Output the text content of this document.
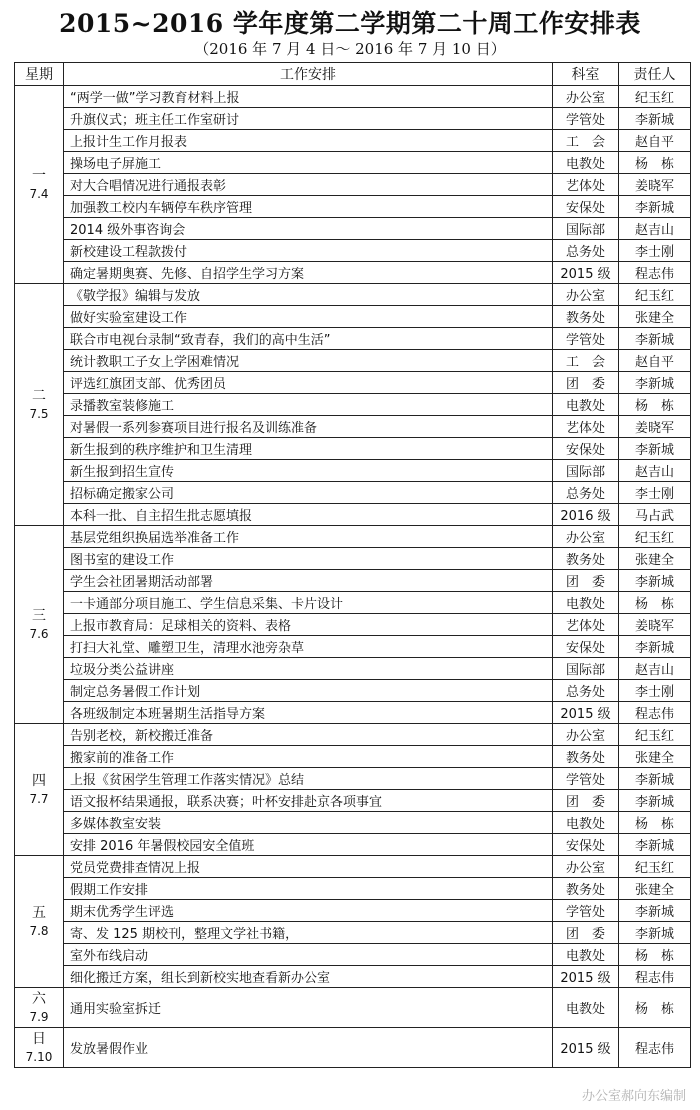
2015~2016 学年度第二学期第二十周工作安排表
（2016 年 7 月 4 日～ 2016 年 7 月 10 日）
星期	工作安排	科室	责任人

一
7.4	“两学一做”学习教育材料上报	办公室	纪玉红
	升旗仪式；班主任工作室研讨	学管处	李新城
	上报计生工作月报表	工　会	赵自平
	操场电子屏施工	电教处	杨　栋
	对大合唱情况进行通报表彰	艺体处	姜晓军
	加强教工校内车辆停车秩序管理	安保处	李新城
	2014 级外事咨询会	国际部	赵吉山
	新校建设工程款拨付	总务处	李士刚
	确定暑期奥赛、先修、自招学生学习方案	2015 级	程志伟

二
7.5	《敬学报》编辑与发放	办公室	纪玉红
	做好实验室建设工作	教务处	张建全
	联合市电视台录制“致青春，我们的高中生活”	学管处	李新城
	统计教职工子女上学困难情况	工　会	赵自平
	评选红旗团支部、优秀团员	团　委	李新城
	录播教室装修施工	电教处	杨　栋
	对暑假一系列参赛项目进行报名及训练准备	艺体处	姜晓军
	新生报到的秩序维护和卫生清理	安保处	李新城
	新生报到招生宣传	国际部	赵吉山
	招标确定搬家公司	总务处	李士刚
	本科一批、自主招生批志愿填报	2016 级	马占武

三
7.6	基层党组织换届选举准备工作	办公室	纪玉红
	图书室的建设工作	教务处	张建全
	学生会社团暑期活动部署	团　委	李新城
	一卡通部分项目施工、学生信息采集、卡片设计	电教处	杨　栋
	上报市教育局：足球相关的资料、表格	艺体处	姜晓军
	打扫大礼堂、雕塑卫生，清理水池旁杂草	安保处	李新城
	垃圾分类公益讲座	国际部	赵吉山
	制定总务暑假工作计划	总务处	李士刚
	各班级制定本班暑期生活指导方案	2015 级	程志伟

四
7.7	告别老校，新校搬迁准备	办公室	纪玉红
	搬家前的准备工作	教务处	张建全
	上报《贫困学生管理工作落实情况》总结	学管处	李新城
	语文报杯结果通报，联系决赛；叶杯安排赴京各项事宜	团　委	李新城
	多媒体教室安装	电教处	杨　栋
	安排 2016 年暑假校园安全值班	安保处	李新城

五
7.8	党员党费排查情况上报	办公室	纪玉红
	假期工作安排	教务处	张建全
	期末优秀学生评选	学管处	李新城
	寄、发 125 期校刊，整理文学社书籍，	团　委	李新城
	室外布线启动	电教处	杨　栋
	细化搬迁方案，组长到新校实地查看新办公室	2015 级	程志伟

六
7.9	通用实验室拆迁	电教处	杨　栋

日
7.10	发放暑假作业	2015 级	程志伟
办公室郝向东编制
